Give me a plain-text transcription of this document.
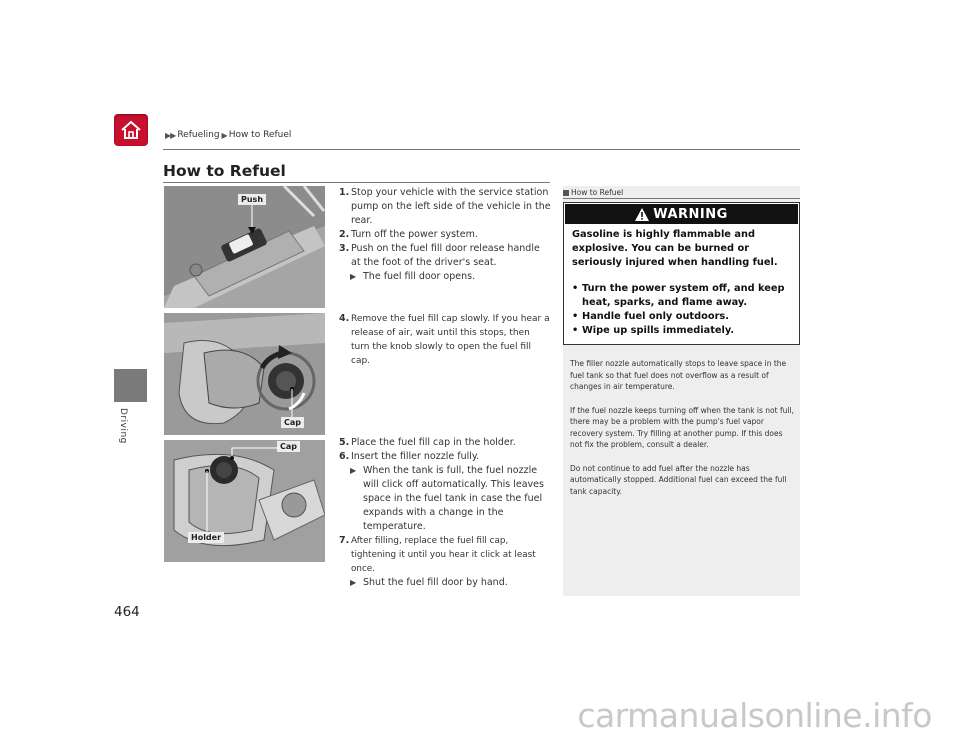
▶▶ Refueling ▶ How to Refuel
Driving
How to Refuel
Push
Cap
Cap
Holder
1. Stop your vehicle with the service station pump on the left side of the vehicle in the rear.
2. Turn off the power system.
3. Push on the fuel fill door release handle at the foot of the driver's seat.
▶ The fuel fill door opens.
4. Remove the fuel fill cap slowly. If you hear a release of air, wait until this stops, then turn the knob slowly to open the fuel fill cap.
5. Place the fuel fill cap in the holder.
6. Insert the filler nozzle fully.
▶ When the tank is full, the fuel nozzle will click off automatically. This leaves space in the fuel tank in case the fuel expands with a change in the temperature.
7. After filling, replace the fuel fill cap, tightening it until you hear it click at least once.
▶ Shut the fuel fill door by hand.
How to Refuel
WARNING
Gasoline is highly flammable and explosive. You can be burned or seriously injured when handling fuel.
• Turn the power system off, and keep heat, sparks, and flame away.
• Handle fuel only outdoors.
• Wipe up spills immediately.

The filler nozzle automatically stops to leave space in the fuel tank so that fuel does not overflow as a result of changes in air temperature.

If the fuel nozzle keeps turning off when the tank is not full, there may be a problem with the pump's fuel vapor recovery system. Try filling at another pump. If this does not fix the problem, consult a dealer.

Do not continue to add fuel after the nozzle has automatically stopped. Additional fuel can exceed the full tank capacity.

464
carmanualsonline.info
